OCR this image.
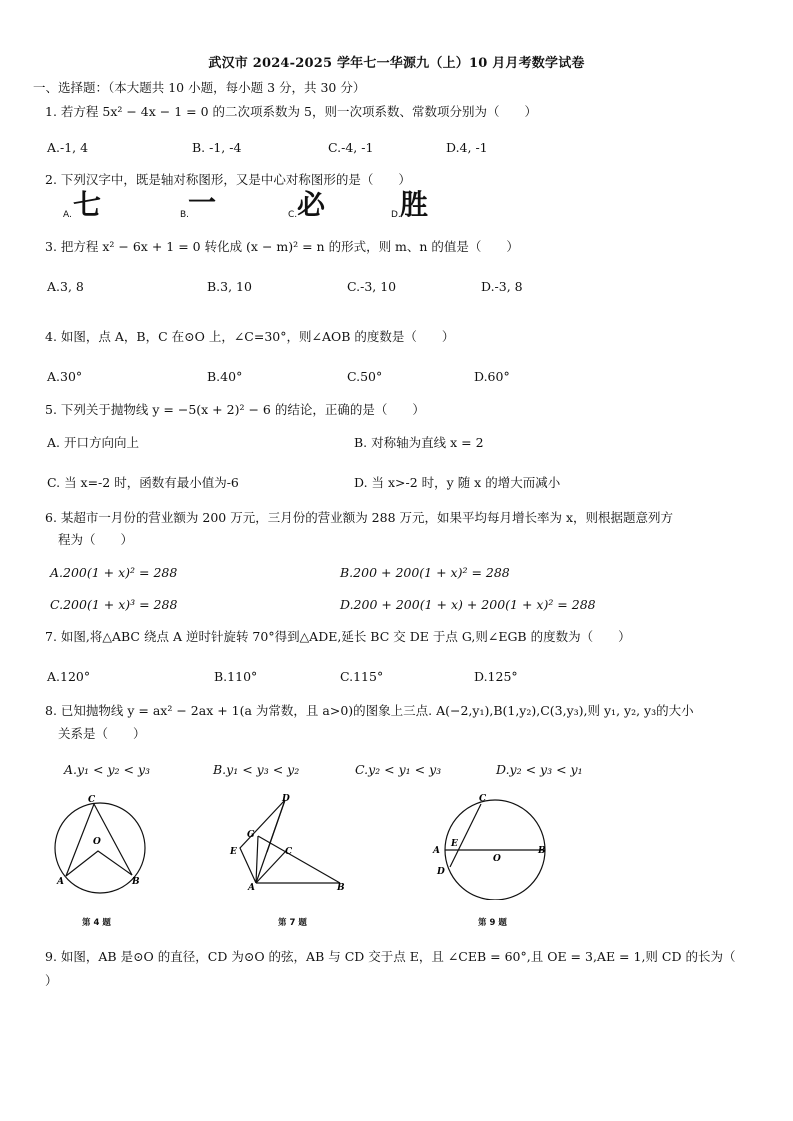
武汉市 2024-2025 学年七一华源九（上）10 月月考数学试卷
一、选择题：（本大题共 10 小题，每小题 3 分，共 30 分）
1. 若方程 5x² − 4x − 1 = 0 的二次项系数为 5，则一次项系数、常数项分别为（　　）
A.-1, 4	B. -1, -4	C.-4, -1	D.4, -1
2. 下列汉字中，既是轴对称图形，又是中心对称图形的是（　　）
A. 七	B.
一	C. 必	D. 胜
3. 把方程 x² − 6x + 1 = 0 转化成 (x − m)² = n 的形式，则 m、n 的值是（　　）
A.3, 8	B.3, 10	C.-3, 10	D.-3, 8
4. 如图，点 A，B，C 在⊙O 上，∠C=30°，则∠AOB 的度数是（　　）
A.30°	B.40°	C.50°	D.60°
5. 下列关于抛物线 y = −5(x + 2)² − 6 的结论，正确的是（　　）
A. 开口方向向上	B. 对称轴为直线 x = 2
C. 当 x=-2 时，函数有最小值为-6	D. 当 x>-2 时，y 随 x 的增大而减小
6. 某超市一月份的营业额为 200 万元，三月份的营业额为 288 万元，如果平均每月增长率为 x，则根据题意列方
程为（　　）
A.200(1 + x)² = 288	B.200 + 200(1 + x)² = 288
C.200(1 + x)³ = 288	D.200 + 200(1 + x) + 200(1 + x)² = 288
7. 如图,将△ABC 绕点 A 逆时针旋转 70°得到△ADE,延长 BC 交 DE 于点 G,则∠EGB 的度数为（　　）
A.120°	B.110°	C.115°	D.125°
8. 已知抛物线 y = ax² − 2ax + 1(a 为常数，且 a>0)的图象上三点. A(−2,y₁),B(1,y₂),C(3,y₃),则 y₁, y₂, y₃的大小
关系是（　　）
A.y₁ < y₂ < y₃	B.y₁ < y₃ < y₂	C.y₂ < y₁ < y₃	D.y₂ < y₃ < y₁
C
O
A	B
第 4 题
D
G
E	C
A	B
第 7 题
C
A
E
O
B
D
第 9 题
9. 如图，AB 是⊙O 的直径，CD 为⊙O 的弦，AB 与 CD 交于点 E，且 ∠CEB = 60°,且 OE = 3,AE = 1,则 CD 的长为（
）
